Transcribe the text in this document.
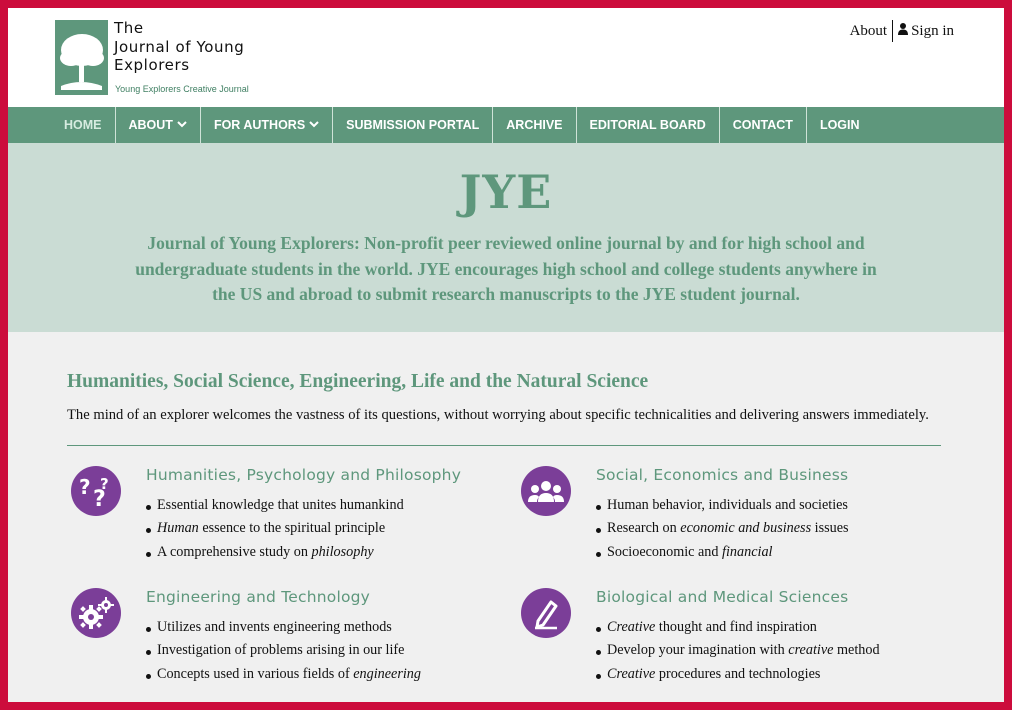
The
Journal of Young
Explorers
Young Explorers Creative Journal
About	Sign in
HOME ABOUT	FOR AUTHORS	SUBMISSION PORTAL ARCHIVE EDITORIAL BOARD CONTACT LOGIN
JYE
Journal of Young Explorers: Non-profit peer reviewed online journal by and for high school and undergraduate students in the world. JYE encourages high school and college students anywhere in the US and abroad to submit research manuscripts to the JYE student journal.
Humanities, Social Science, Engineering, Life and the Natural Science
The mind of an explorer welcomes the vastness of its questions, without worrying about specific technicalities and delivering answers immediately.
? ?
? Humanities, Psychology and Philosophy
Essential knowledge that unites humankind
Human essence to the spiritual principle
A comprehensive study on philosophy
Social, Economics and Business
Human behavior, individuals and societies
Research on economic and business issues
Socioeconomic and financial
Engineering and Technology
Utilizes and invents engineering methods
Investigation of problems arising in our life
Concepts used in various fields of engineering
Biological and Medical Sciences
Creative thought and find inspiration
Develop your imagination with creative method
Creative procedures and technologies
